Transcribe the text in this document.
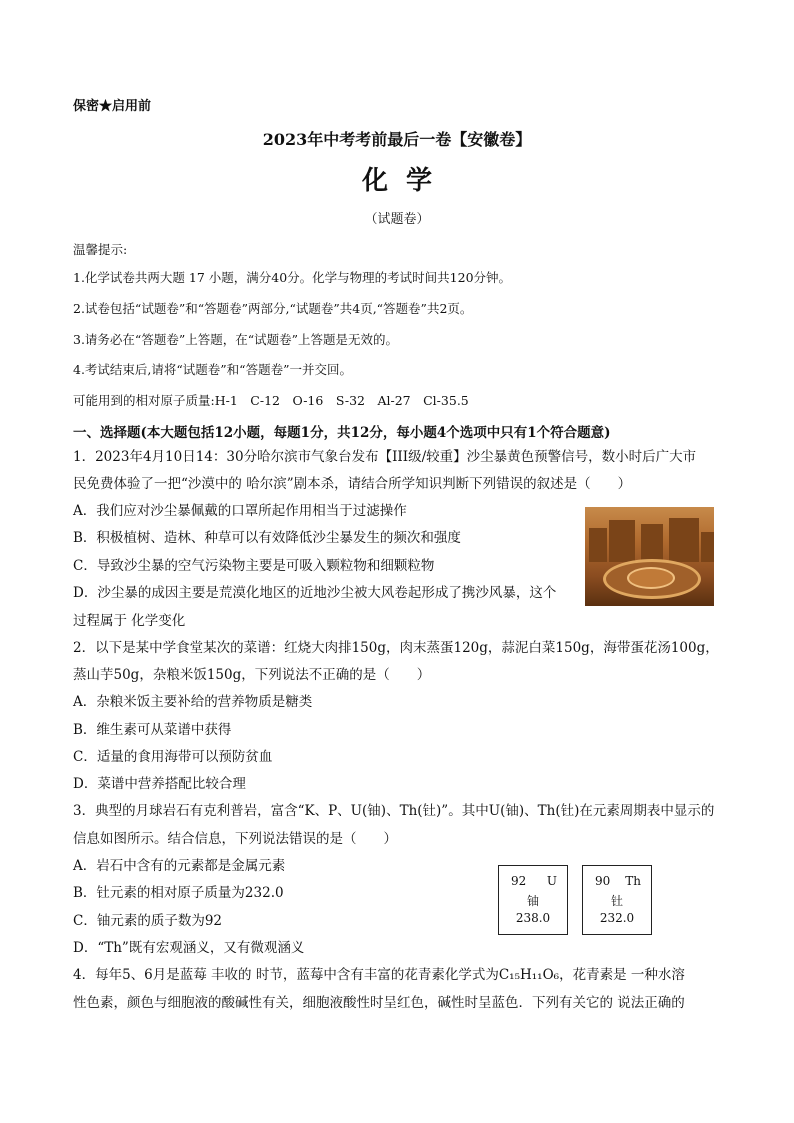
保密★启用前
2023年中考考前最后一卷【安徽卷】
化学
（试题卷）
温馨提示:
1.化学试卷共两大题 17 小题，满分40分。化学与物理的考试时间共120分钟。
2.试卷包括“试题卷”和“答题卷”两部分,“试题卷”共4页,“答题卷”共2页。
3.请务必在“答题卷”上答题，在“试题卷”上答题是无效的。
4.考试结束后,请将“试题卷”和“答题卷”一并交回。
可能用到的相对原子质量:H-1　C-12　O-16　S-32　Al-27　Cl-35.5
一、选择题(本大题包括12小题，每题1分，共12分，每小题4个选项中只有1个符合题意)
1．2023年4月10日14：30分哈尔滨市气象台发布【III级/较重】沙尘暴黄色预警信号，数小时后广大市
民免费体验了一把“沙漠中的 哈尔滨”剧本杀，请结合所学知识判断下列错误的叙述是（　　）
A．我们应对沙尘暴佩戴的口罩所起作用相当于过滤操作
B．积极植树、造林、种草可以有效降低沙尘暴发生的频次和强度
C．导致沙尘暴的空气污染物主要是可吸入颗粒物和细颗粒物
D．沙尘暴的成因主要是荒漠化地区的近地沙尘被大风卷起形成了携沙风暴，这个
过程属于 化学变化
2．以下是某中学食堂某次的菜谱：红烧大肉排150g，肉末蒸蛋120g，蒜泥白菜150g，海带蛋花汤100g，
蒸山芋50g，杂粮米饭150g，下列说法不正确的是（　　）
A．杂粮米饭主要补给的营养物质是糖类
B．维生素可从菜谱中获得
C．适量的食用海带可以预防贫血
D．菜谱中营养搭配比较合理
3．典型的月球岩石有克利普岩，富含“K、P、U(铀)、Th(钍)”。其中U(铀)、Th(钍)在元素周期表中显示的
信息如图所示。结合信息，下列说法错误的是（　　）
A．岩石中含有的元素都是金属元素
B．钍元素的相对原子质量为232.0
C．铀元素的质子数为92
D．“Th”既有宏观涵义，又有微观涵义
92 U
铀
238.0
90 Th
钍
232.0
4．每年5、6月是蓝莓 丰收的 时节，蓝莓中含有丰富的花青素化学式为C₁₅H₁₁O₆，花青素是 一种水溶
性色素，颜色与细胞液的酸碱性有关，细胞液酸性时呈红色，碱性时呈蓝色．下列有关它的 说法正确的
